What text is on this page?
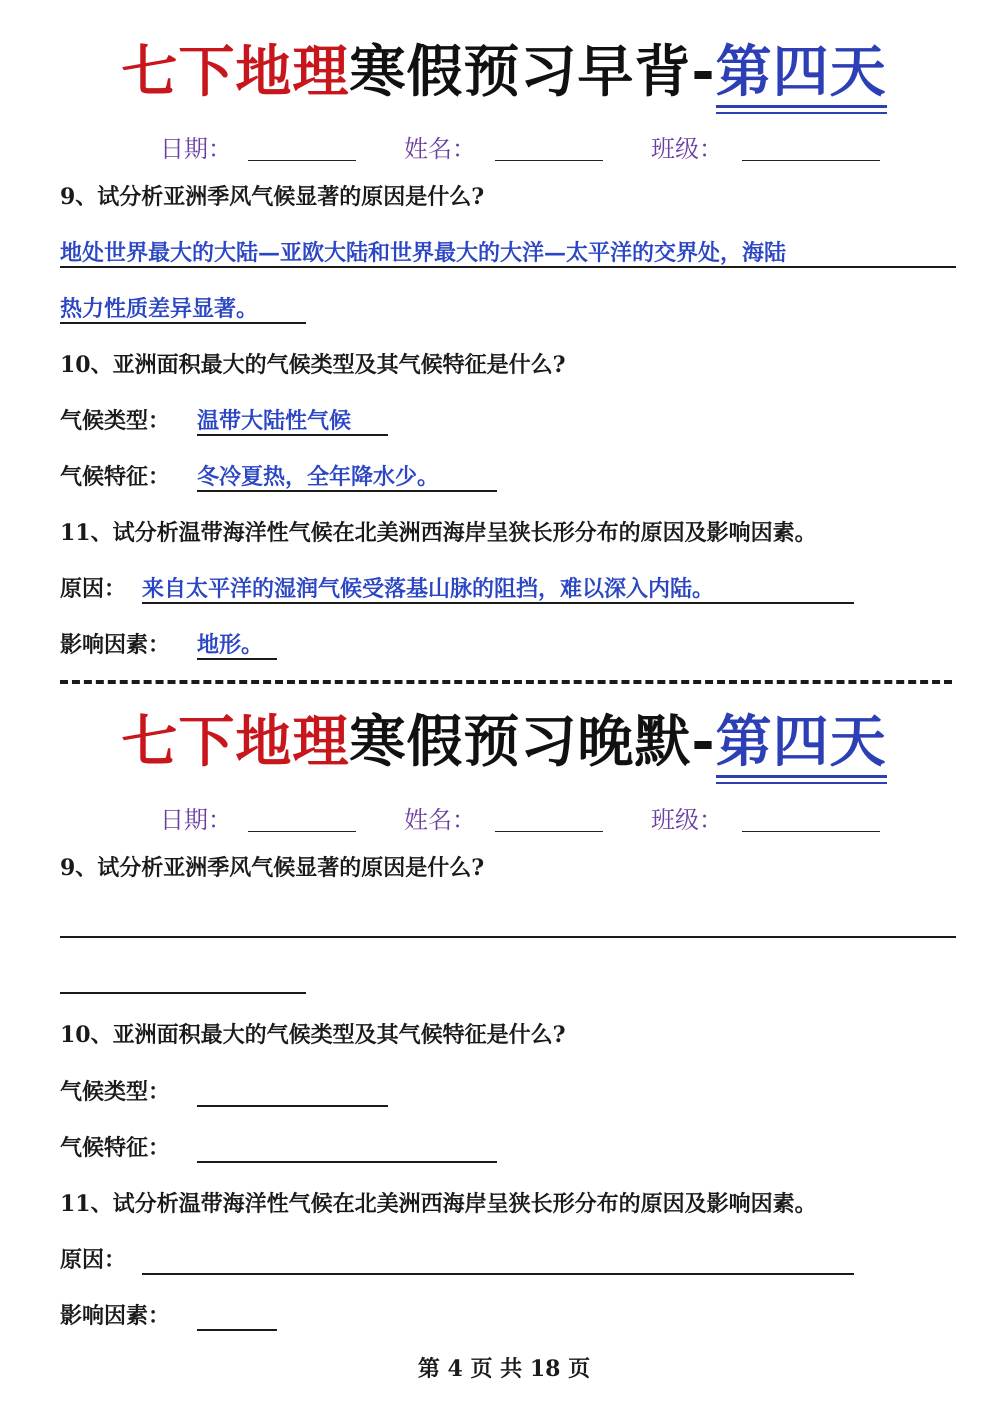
七下地理寒假预习早背-第四天
日期：	姓名：	班级：
9、试分析亚洲季风气候显著的原因是什么?
地处世界最大的大陆—亚欧大陆和世界最大的大洋—太平洋的交界处，海陆
热力性质差异显著。
10、亚洲面积最大的气候类型及其气候特征是什么?
气候类型： 温带大陆性气候
气候特征： 冬冷夏热，全年降水少。
11、试分析温带海洋性气候在北美洲西海岸呈狭长形分布的原因及影响因素。
原因： 来自太平洋的湿润气候受落基山脉的阻挡，难以深入内陆。
影响因素： 地形。
七下地理寒假预习晚默-第四天
日期：	姓名：	班级：
9、试分析亚洲季风气候显著的原因是什么?
10、亚洲面积最大的气候类型及其气候特征是什么?
气候类型：
气候特征：
11、试分析温带海洋性气候在北美洲西海岸呈狭长形分布的原因及影响因素。
原因：
影响因素：
第 4 页 共 18 页
